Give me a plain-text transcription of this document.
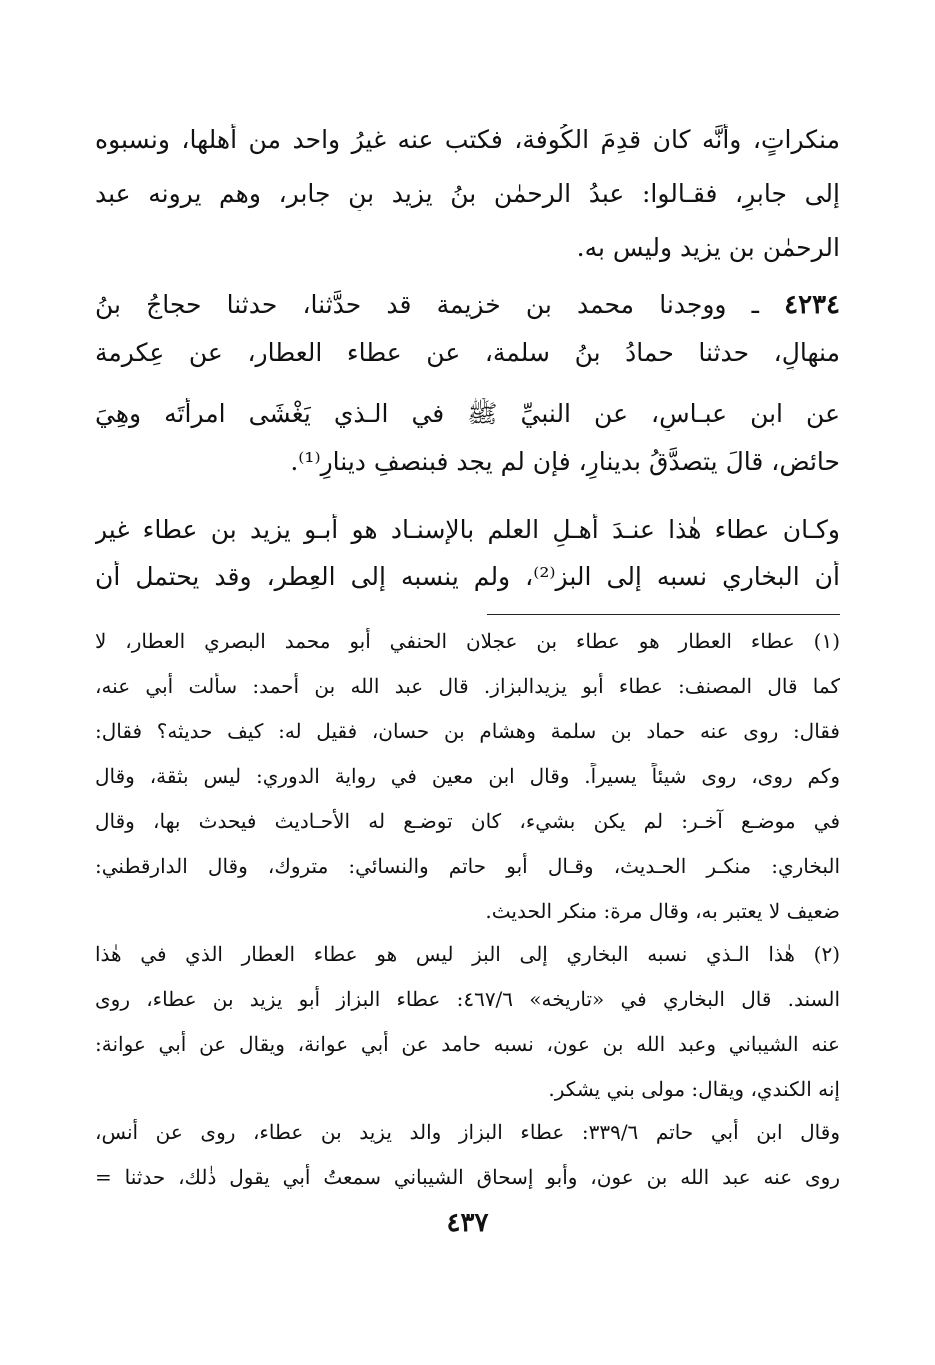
منكراتٍ، وأنَّه كان قدِمَ الكُوفة، فكتب عنه غيرُ واحد من أهلها، ونسبوه
إلى جابرٍ، فقـالوا: عبدُ الرحمٰن بنُ يزيد بنِ جابر، وهم يرونه عبد
الرحمٰن بن يزيد وليس به.
٤٢٣٤ ـ ووجدنا محمد بن خزيمة قد حدَّثنا، حدثنا حجاجُ بنُ
منهالٍ، حدثنا حمادُ بنُ سلمة، عن عطاء العطار، عن عِكرمة
عن ابن عبـاسٍ، عن النبيِّ ﷺ في الـذي يَغْشَى امرأتَه وهِيَ
حائض، قالَ يتصدَّقُ بدينارٍ، فإن لم يجد فبنصفِ دينارٍ⁽¹⁾.
وكـان عطاء هٰذا عنـدَ أهـلِ العلم بالإسنـاد هو أبـو يزيد بن عطاء غير
أن البخاري نسبه إلى البز⁽²⁾، ولم ينسبه إلى العِطر، وقد يحتمل أن
(١) عطاء العطار هو عطاء بن عجلان الحنفي أبو محمد البصري العطار، لا
كما قال المصنف: عطاء أبو يزيدالبزاز. قال عبد الله بن أحمد: سألت أبي عنه،
فقال: روى عنه حماد بن سلمة وهشام بن حسان، فقيل له: كيف حديثه؟ فقال:
وكم روى، روى شيئاً يسيراً. وقال ابن معين في رواية الدوري: ليس بثقة، وقال
في موضـع آخـر: لم يكن بشيء، كان توضـع له الأحـاديث فيحدث بها، وقال
البخاري: منكـر الحـديث، وقـال أبو حاتم والنسائي: متروك، وقال الدارقطني:
ضعيف لا يعتبر به، وقال مرة: منكر الحديث.
(٢) هٰذا الـذي نسبه البخاري إلى البز ليس هو عطاء العطار الذي في هٰذا
السند. قال البخاري في «تاريخه» ٤٦٧/٦: عطاء البزاز أبو يزيد بن عطاء، روى
عنه الشيباني وعبد الله بن عون، نسبه حامد عن أبي عوانة، ويقال عن أبي عوانة:
إنه الكندي، ويقال: مولى بني يشكر.
وقال ابن أبي حاتم ٣٣٩/٦: عطاء البزاز والد يزيد بن عطاء، روى عن أنس،
روى عنه عبد الله بن عون، وأبو إسحاق الشيباني سمعتُ أبي يقول ذٰلك، حدثنا =
٤٣٧
